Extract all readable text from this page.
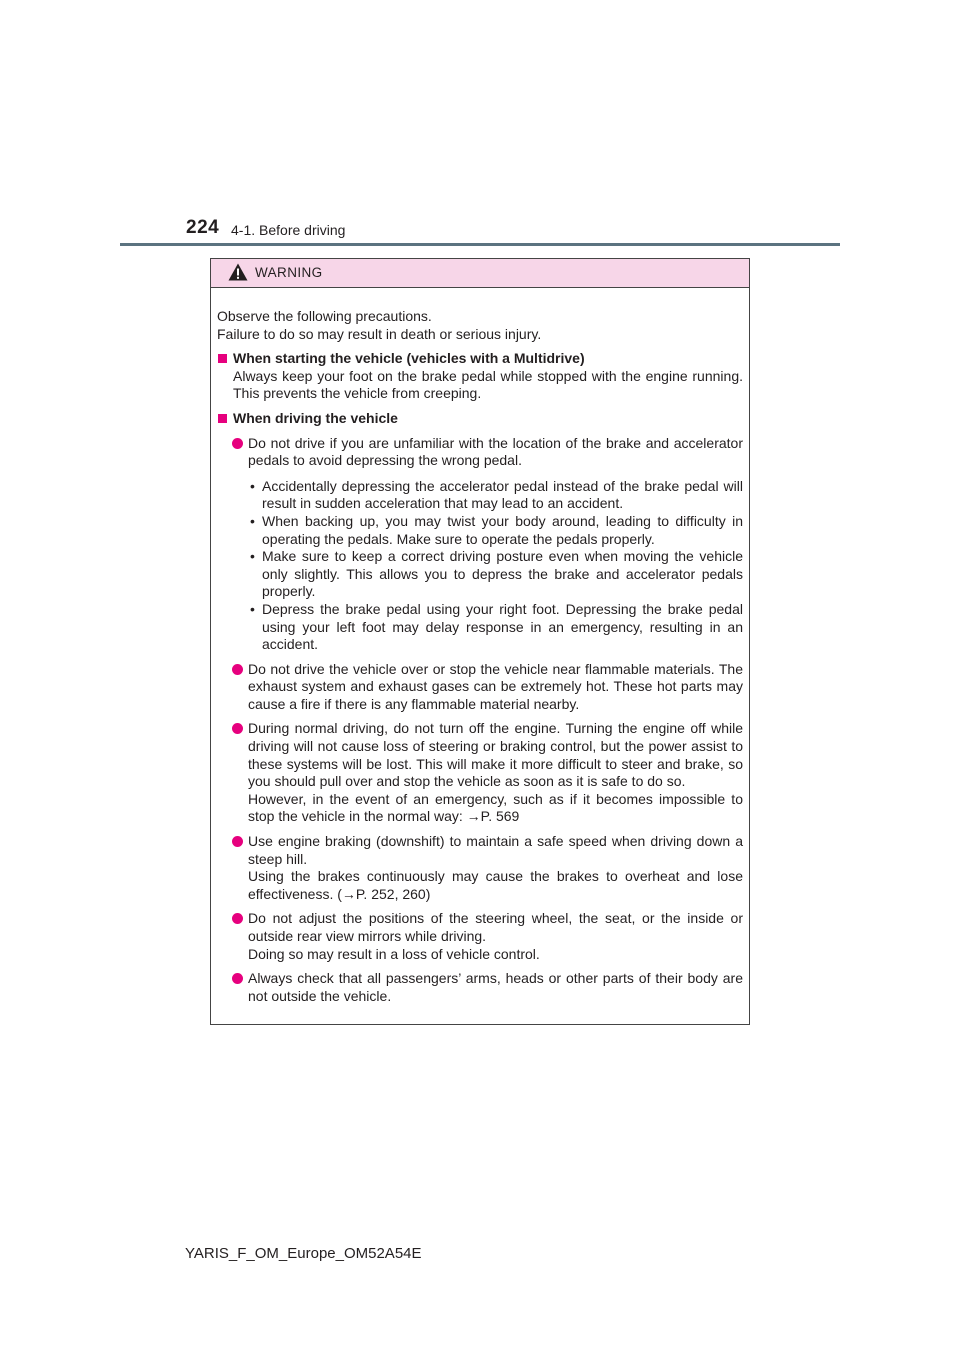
224 4-1. Before driving
WARNING

Observe the following precautions.

Failure to do so may result in death or serious injury.

When starting the vehicle (vehicles with a Multidrive)

Always keep your foot on the brake pedal while stopped with the engine running. This prevents the vehicle from creeping.

When driving the vehicle

Do not drive if you are unfamiliar with the location of the brake and accelerator pedals to avoid depressing the wrong pedal.

• Accidentally depressing the accelerator pedal instead of the brake pedal will result in sudden acceleration that may lead to an accident.

• When backing up, you may twist your body around, leading to difficulty in operating the pedals. Make sure to operate the pedals properly.

• Make sure to keep a correct driving posture even when moving the vehicle only slightly. This allows you to depress the brake and accelerator pedals properly.

• Depress the brake pedal using your right foot. Depressing the brake pedal using your left foot may delay response in an emergency, resulting in an accident.

Do not drive the vehicle over or stop the vehicle near flammable materials. The exhaust system and exhaust gases can be extremely hot. These hot parts may cause a fire if there is any flammable material nearby.

During normal driving, do not turn off the engine. Turning the engine off while driving will not cause loss of steering or braking control, but the power assist to these systems will be lost. This will make it more difficult to steer and brake, so you should pull over and stop the vehicle as soon as it is safe to do so.

However, in the event of an emergency, such as if it becomes impossible to stop the vehicle in the normal way: →P. 569

Use engine braking (downshift) to maintain a safe speed when driving down a steep hill.

Using the brakes continuously may cause the brakes to overheat and lose effectiveness. (→P. 252, 260)

Do not adjust the positions of the steering wheel, the seat, or the inside or outside rear view mirrors while driving.

Doing so may result in a loss of vehicle control.

Always check that all passengers’ arms, heads or other parts of their body are not outside the vehicle.

YARIS_F_OM_Europe_OM52A54E
